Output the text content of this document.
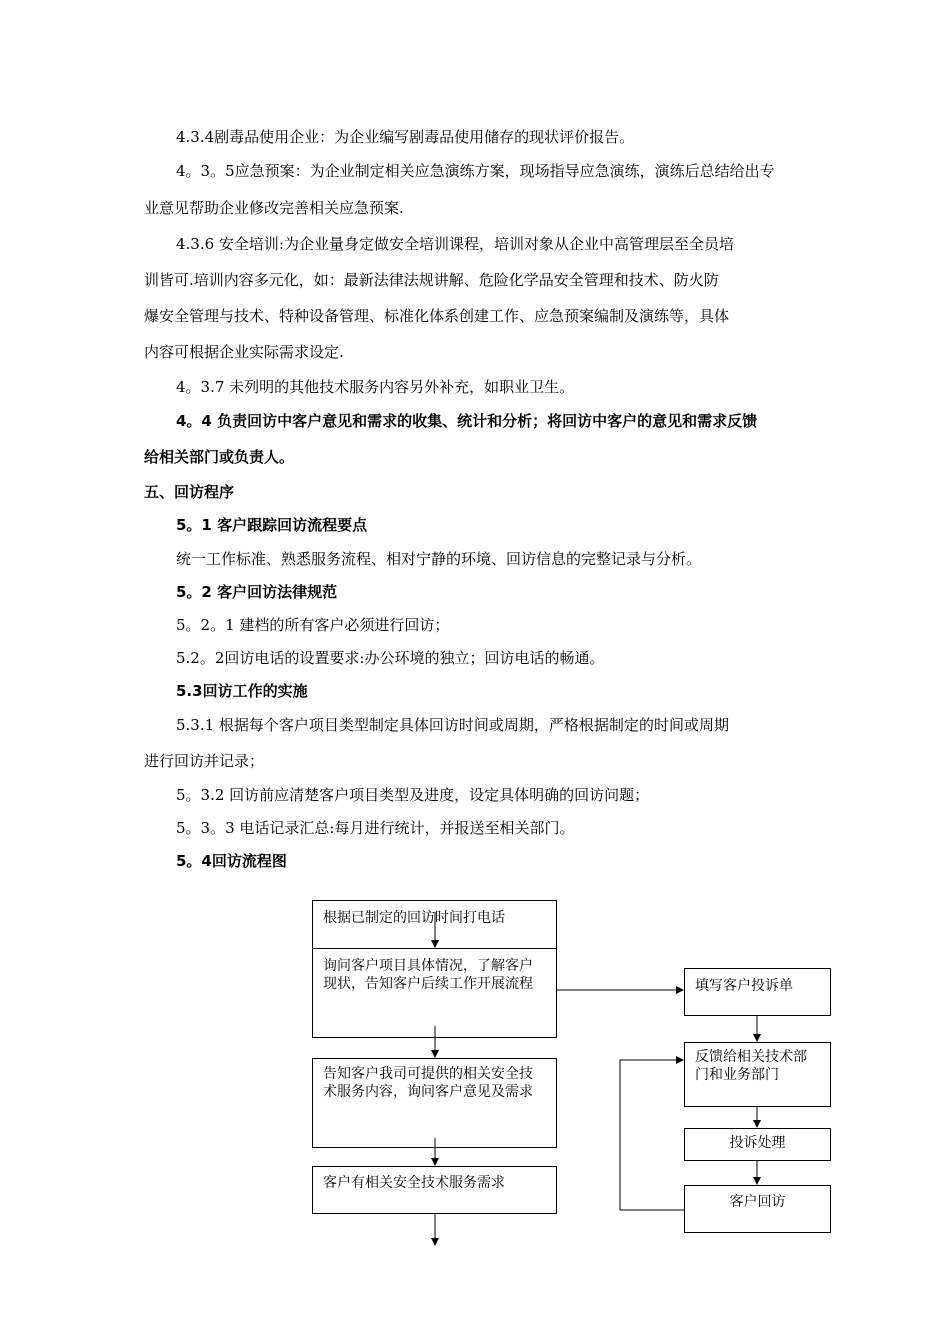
4.3.4剧毒品使用企业：为企业编写剧毒品使用储存的现状评价报告。
4。3。5应急预案：为企业制定相关应急演练方案，现场指导应急演练，演练后总结给出专
业意见帮助企业修改完善相关应急预案.
4.3.6 安全培训:为企业量身定做安全培训课程，培训对象从企业中高管理层至全员培
训皆可.培训内容多元化，如：最新法律法规讲解、危险化学品安全管理和技术、防火防
爆安全管理与技术、特种设备管理、标准化体系创建工作、应急预案编制及演练等，具体
内容可根据企业实际需求设定.
4。3.7 未列明的其他技术服务内容另外补充，如职业卫生。
4。4 负责回访中客户意见和需求的收集、统计和分析；将回访中客户的意见和需求反馈
给相关部门或负责人。
五、回访程序
5。1 客户跟踪回访流程要点
统一工作标准、熟悉服务流程、相对宁静的环境、回访信息的完整记录与分析。
5。2 客户回访法律规范
5。2。1 建档的所有客户必须进行回访；
5.2。2回访电话的设置要求:办公环境的独立；回访电话的畅通。
5.3回访工作的实施
5.3.1 根据每个客户项目类型制定具体回访时间或周期，严格根据制定的时间或周期
进行回访并记录；
5。3.2 回访前应清楚客户项目类型及进度，设定具体明确的回访问题；
5。3。3 电话记录汇总:每月进行统计，并报送至相关部门。
5。4回访流程图
根据已制定的回访时间打电话
询问客户项目具体情况，了解客户现状，告知客户后续工作开展流程
告知客户我司可提供的相关安全技术服务内容，询问客户意见及需求
客户有相关安全技术服务需求
填写客户投诉单
反馈给相关技术部门和业务部门
投诉处理
客户回访
